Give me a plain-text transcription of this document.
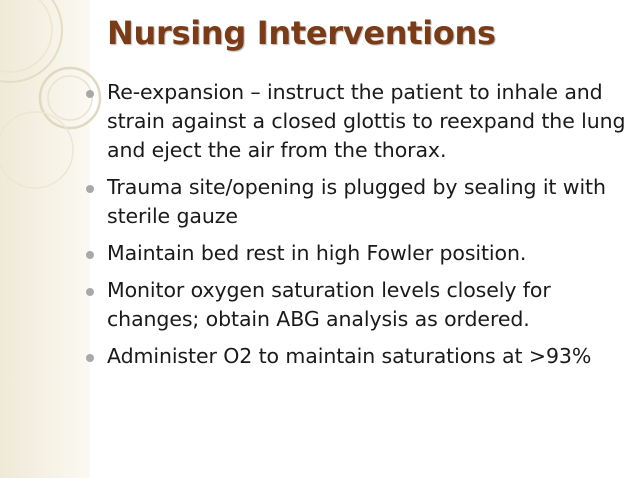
Nursing Interventions
Re-expansion – instruct the patient to inhale and strain against a closed glottis to reexpand the lung and eject the air from the thorax.
Trauma site/opening is plugged by sealing it with sterile gauze
Maintain bed rest in high Fowler position.
Monitor oxygen saturation levels closely for changes; obtain ABG analysis as ordered.
Administer O2 to maintain saturations at >93%
